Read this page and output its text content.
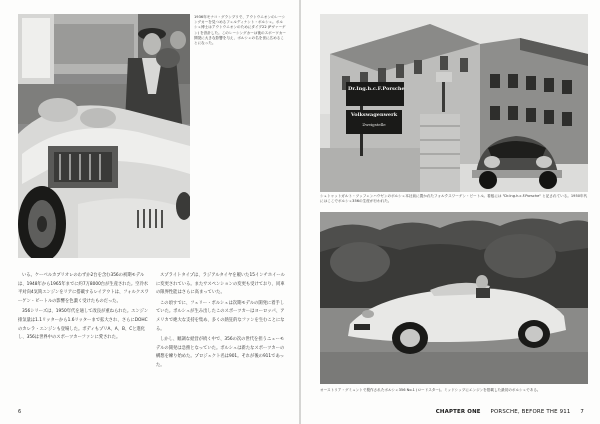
1936年モナコ・グランプリで、アウトウニオンのレーシングカーを見つめるフェルディナント・ポルシェ。ポルシェ博士はアウトウニオンのためにタイプ22 (Pヴァーゲン) を設計した。このレーシングカーは後のスポーツカー開発に大きな影響を与え、ポルシェの名を世に広めることになった。

いる。ケーベルカブリオレのわずか2台を含む356の初期モデルは、1948年から1965年までに約7万8000台が生産された。空冷水平対向4気筒エンジンをリアに搭載するレイアウトは、フォルクスワーゲン・ビートルの影響を色濃く受けたものだった。

356シリーズは、1950年代を通して改良が重ねられた。エンジン排気量は1.1リッターから1.6リッターまで拡大され、さらにDOHCのカレラ・エンジンも登場した。ボディもプリA、A、B、Cと進化し、356は世界中のスポーツカーファンに愛された。

スプライトタイプは、ラジアルタイヤを履いた15インチホイールに変更されている。またサスペンションの変更も受けており、同車の限界性能はさらに高まっていた。

この頃すでに、フェリー・ポルシェは次期モデルの開発に着手していた。ポルシェが生み出したこのスポーツカーはヨーロッパ、アメリカで絶大な支持を集め、多くの熱狂的なファンを生むことになる。

しかし、順調な経営が続く中で、356の次の世代を担うニューモデルの開発は急務となっていた。ポルシェは新たなスポーツカーの構想を練り始めた。プロジェクト名は901。それが後の911であった。

6
Dr.Ing.h.c.F.Porsche
Volkswagenwerk
Zweigstelle

シュトゥットガルト・ツッフェンハウゼンのポルシェ本社前に置かれたフォルクスワーゲン・ビートル。看板には "Dr.Ing.h.c.F.Porsche" と記されている。1950年代にはここでポルシェ356の生産が行われた。

オーストリア・グミュントで製作されたポルシェ356 No.1 (ロードスター)。ミッドシップにエンジンを搭載した最初のポルシェである。

CHAPTER ONE PORSCHE, BEFORE THE 911 7
